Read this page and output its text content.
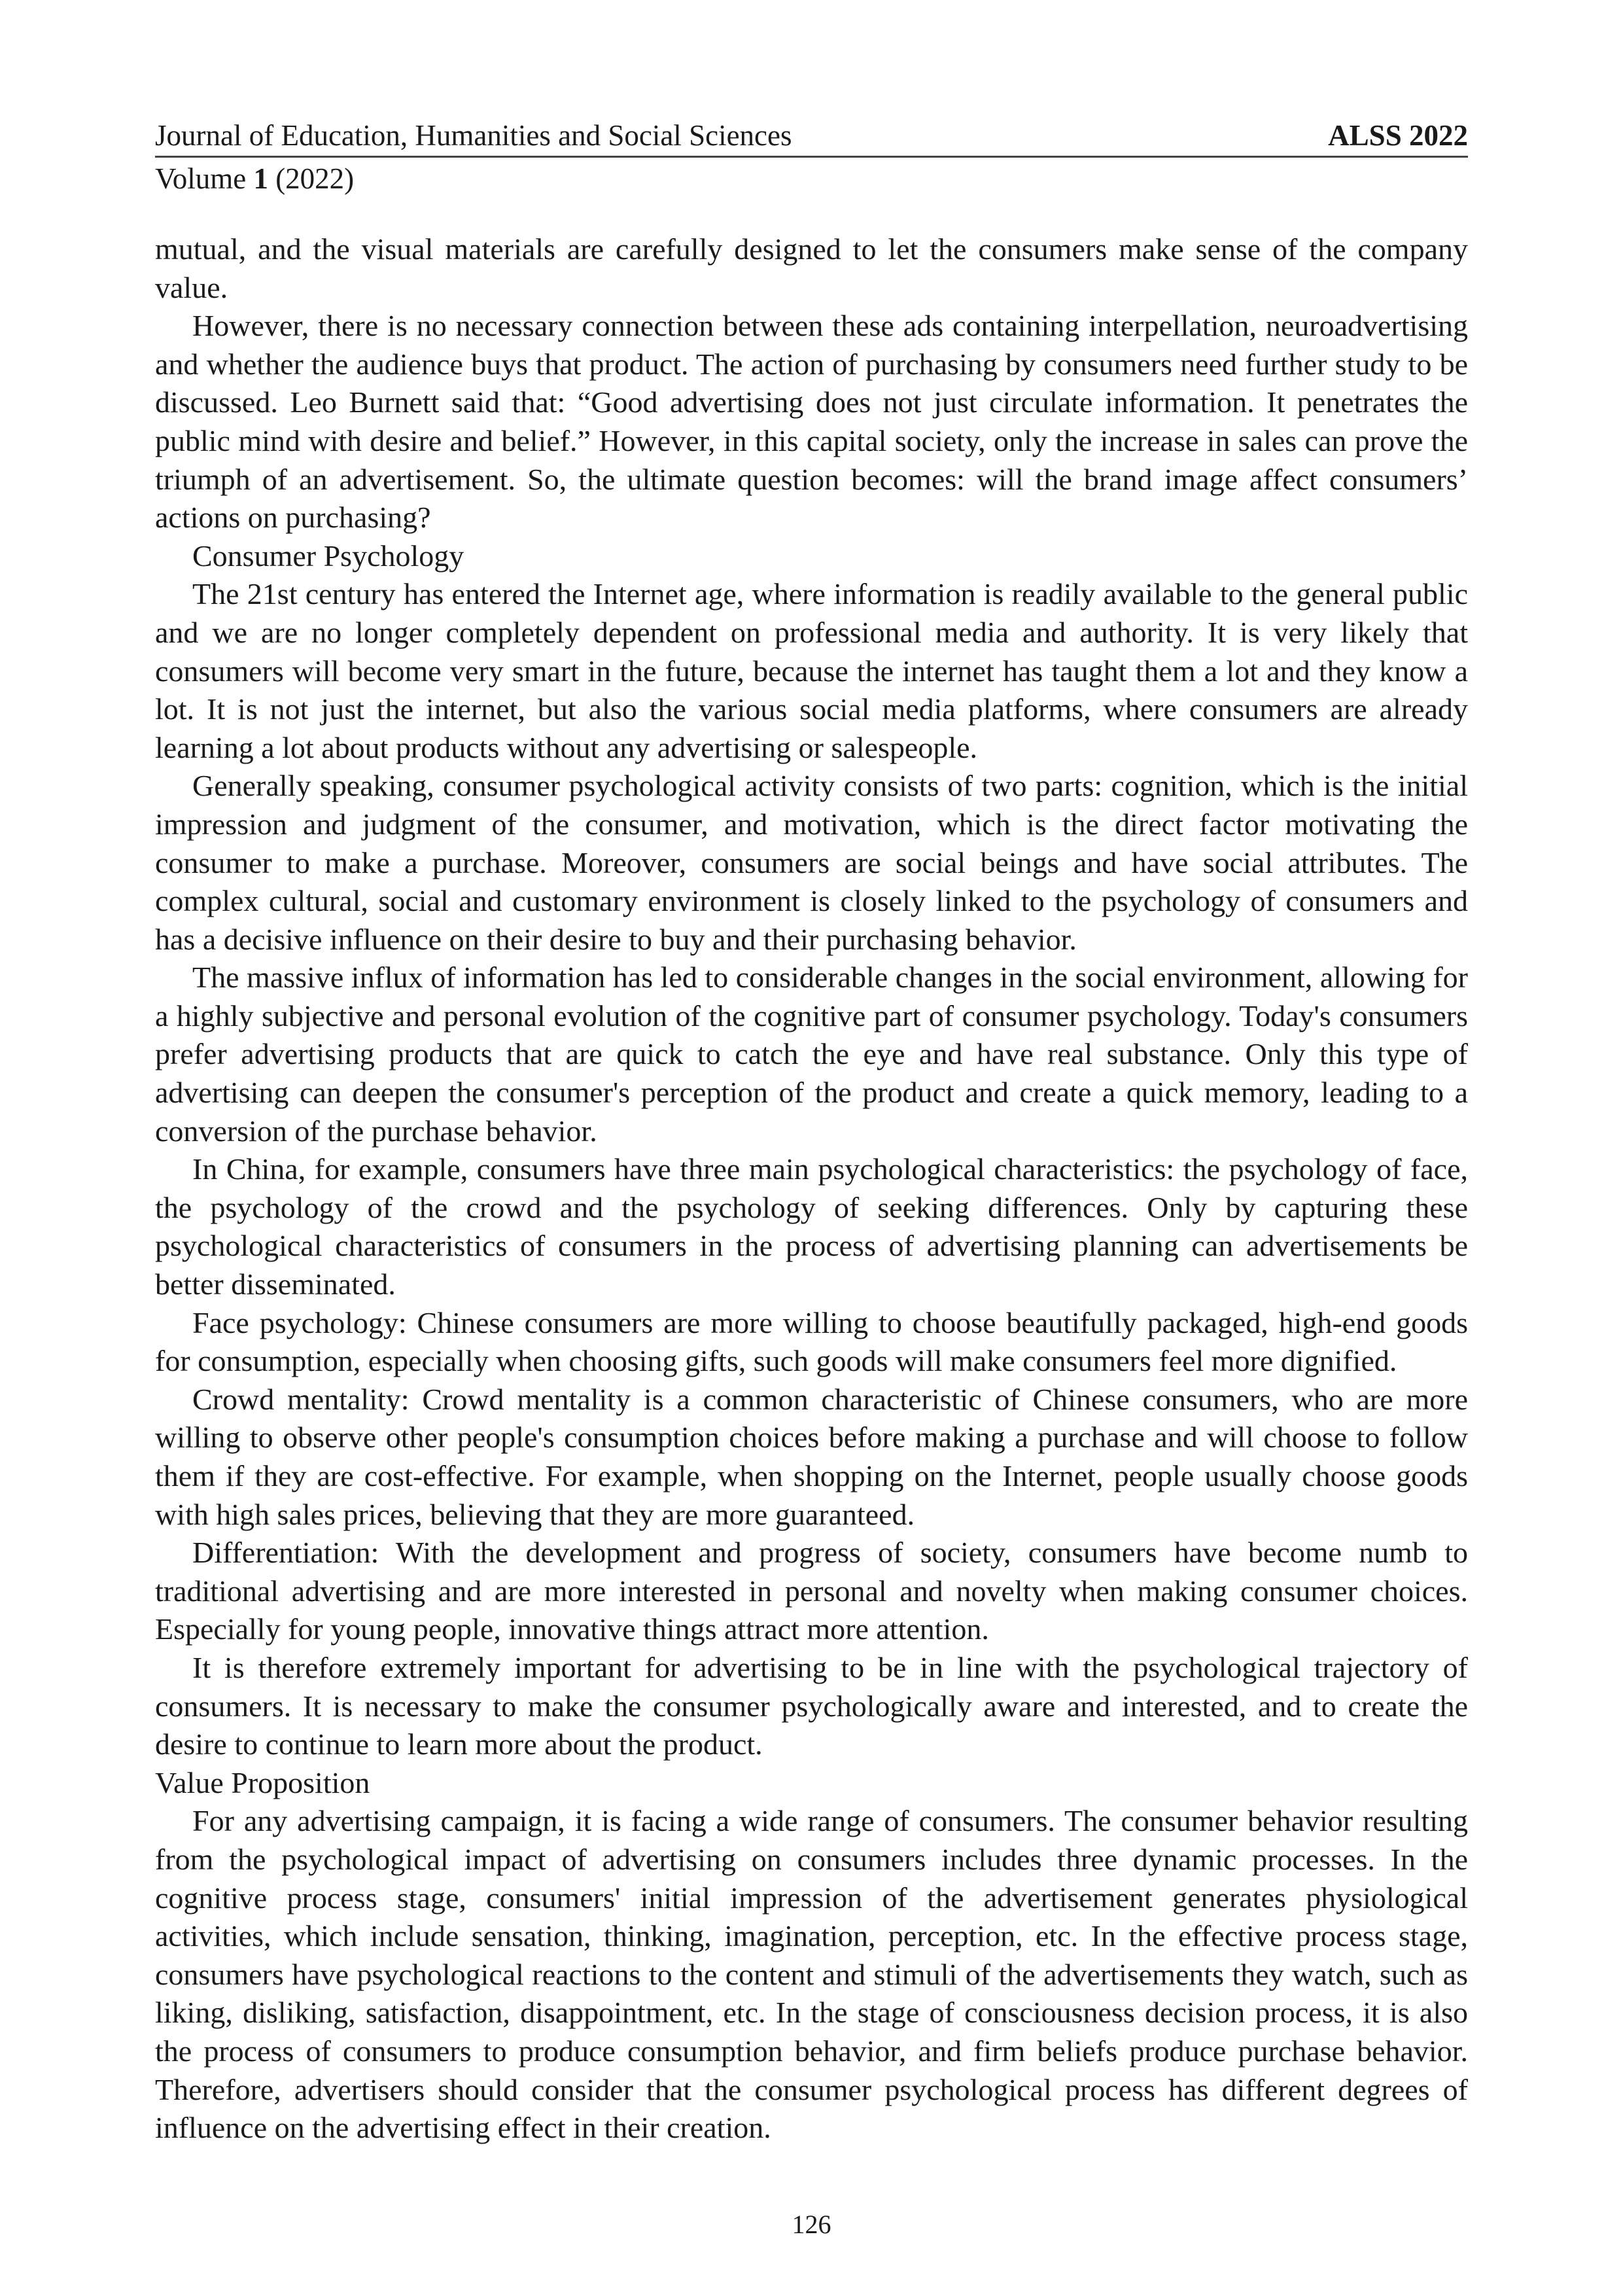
Journal of Education, Humanities and Social Sciences	ALSS 2022
Volume 1 (2022)

mutual, and the visual materials are carefully designed to let the consumers make sense of the company value.

However, there is no necessary connection between these ads containing interpellation, neuroadvertising and whether the audience buys that product. The action of purchasing by consumers need further study to be discussed. Leo Burnett said that: “Good advertising does not just circulate information. It penetrates the public mind with desire and belief.” However, in this capital society, only the increase in sales can prove the triumph of an advertisement. So, the ultimate question becomes: will the brand image affect consumers’ actions on purchasing?

Consumer Psychology

The 21st century has entered the Internet age, where information is readily available to the general public and we are no longer completely dependent on professional media and authority. It is very likely that consumers will become very smart in the future, because the internet has taught them a lot and they know a lot. It is not just the internet, but also the various social media platforms, where consumers are already learning a lot about products without any advertising or salespeople.

Generally speaking, consumer psychological activity consists of two parts: cognition, which is the initial impression and judgment of the consumer, and motivation, which is the direct factor motivating the consumer to make a purchase. Moreover, consumers are social beings and have social attributes. The complex cultural, social and customary environment is closely linked to the psychology of consumers and has a decisive influence on their desire to buy and their purchasing behavior.

The massive influx of information has led to considerable changes in the social environment, allowing for a highly subjective and personal evolution of the cognitive part of consumer psychology. Today's consumers prefer advertising products that are quick to catch the eye and have real substance. Only this type of advertising can deepen the consumer's perception of the product and create a quick memory, leading to a conversion of the purchase behavior.

In China, for example, consumers have three main psychological characteristics: the psychology of face, the psychology of the crowd and the psychology of seeking differences. Only by capturing these psychological characteristics of consumers in the process of advertising planning can advertisements be better disseminated.

Face psychology: Chinese consumers are more willing to choose beautifully packaged, high-end goods for consumption, especially when choosing gifts, such goods will make consumers feel more dignified.

Crowd mentality: Crowd mentality is a common characteristic of Chinese consumers, who are more willing to observe other people's consumption choices before making a purchase and will choose to follow them if they are cost-effective. For example, when shopping on the Internet, people usually choose goods with high sales prices, believing that they are more guaranteed.

Differentiation: With the development and progress of society, consumers have become numb to traditional advertising and are more interested in personal and novelty when making consumer choices. Especially for young people, innovative things attract more attention.

It is therefore extremely important for advertising to be in line with the psychological trajectory of consumers. It is necessary to make the consumer psychologically aware and interested, and to create the desire to continue to learn more about the product.

Value Proposition

For any advertising campaign, it is facing a wide range of consumers. The consumer behavior resulting from the psychological impact of advertising on consumers includes three dynamic processes. In the cognitive process stage, consumers' initial impression of the advertisement generates physiological activities, which include sensation, thinking, imagination, perception, etc. In the effective process stage, consumers have psychological reactions to the content and stimuli of the advertisements they watch, such as liking, disliking, satisfaction, disappointment, etc. In the stage of consciousness decision process, it is also the process of consumers to produce consumption behavior, and firm beliefs produce purchase behavior. Therefore, advertisers should consider that the consumer psychological process has different degrees of influence on the advertising effect in their creation.

126
